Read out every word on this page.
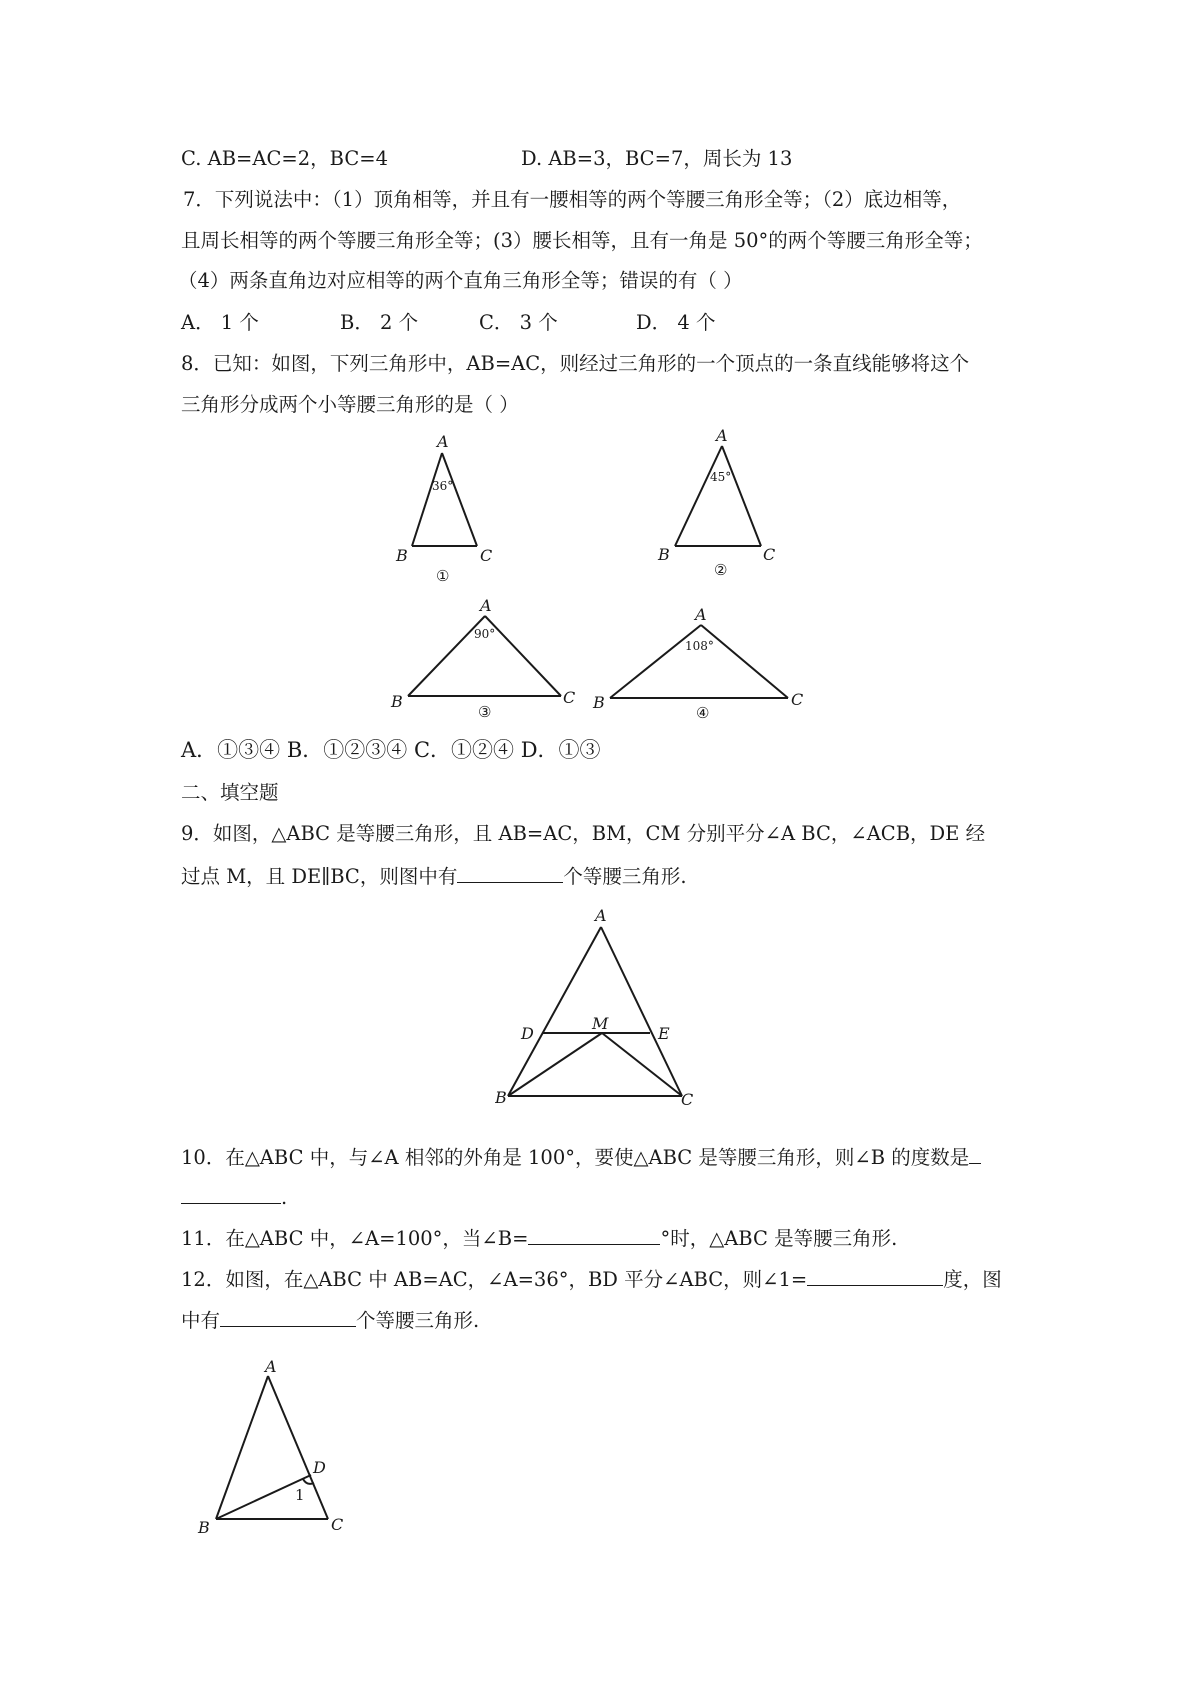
C. AB=AC=2，BC=4	D. AB=3，BC=7，周长为 13
7．下列说法中：（1）顶角相等，并且有一腰相等的两个等腰三角形全等；（2）底边相等，
且周长相等的两个等腰三角形全等；(3）腰长相等，且有一角是 50°的两个等腰三角形全等；
（4）两条直角边对应相等的两个直角三角形全等；错误的有（ ）
A． 1 个	B． 2 个	C． 3 个	D． 4 个
8．已知：如图，下列三角形中，AB=AC，则经过三角形的一个顶点的一条直线能够将这个
三角形分成两个小等腰三角形的是（ ）
A
B	C
36°
①
A
B	C
45°
②
A
B	C
90°
③
A
B	C
108°
④
A．①③④ B．①②③④ C．①②④ D．①③
二、填空题
9．如图，△ABC 是等腰三角形，且 AB=AC，BM，CM 分别平分∠A BC，∠ACB，DE 经
过点 M，且 DE∥BC，则图中有	个等腰三角形.
A
D	E
M
B	C
10．在△ABC 中，与∠A 相邻的外角是 100°，要使△ABC 是等腰三角形，则∠B 的度数是
.
11．在△ABC 中，∠A=100°，当∠B=	°时，△ABC 是等腰三角形.
12．如图，在△ABC 中 AB=AC，∠A=36°，BD 平分∠ABC，则∠1=	度，图
中有	个等腰三角形.
A
D
1
B	C
